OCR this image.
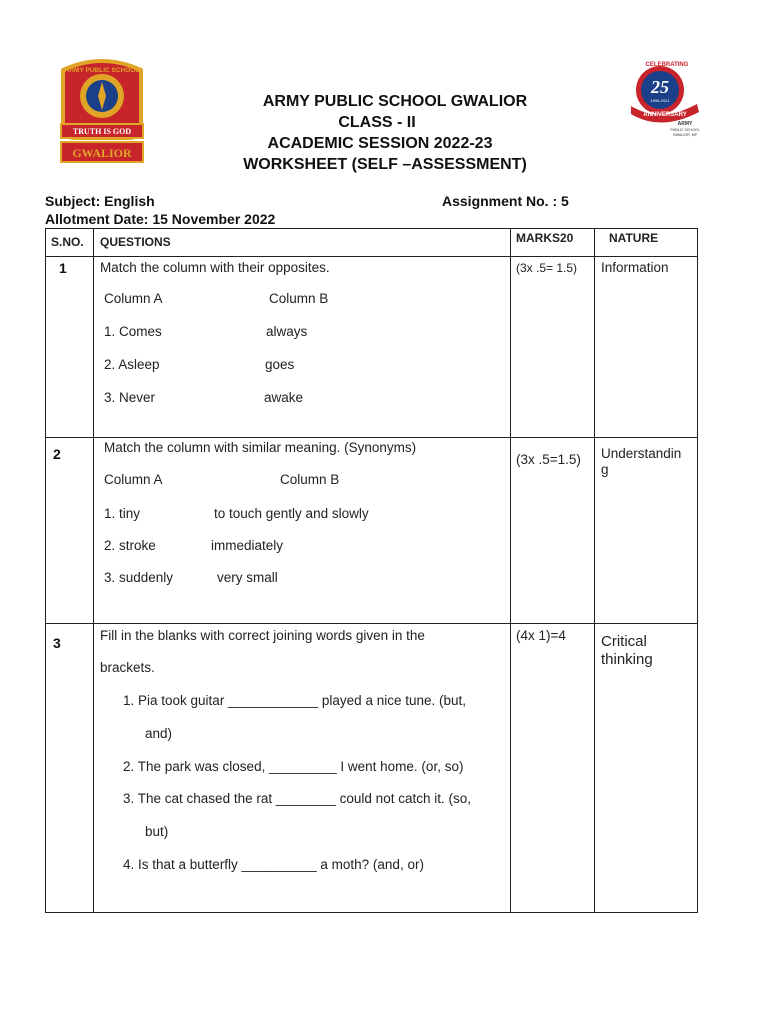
ARMY PUBLIC SCHOOL
TRUTH IS GOD
GWALIOR
CELEBRATING
25
1996-2021
ANNIVERSARY
ARMY
PUBLIC SCHOOL
GWALIOR, MP
ARMY PUBLIC SCHOOL GWALIOR
CLASS - II
ACADEMIC SESSION 2022-23
WORKSHEET (SELF –ASSESSMENT)
Subject: English	Assignment No. : 5
Allotment Date: 15 November 2022
S.NO. QUESTIONS	MARKS20	NATURE
1 Match the column with their opposites.
Column A	Column B
1. Comes	always
2. Asleep	goes
3. Never	awake
(3x .5= 1.5) Information
2	Match the column with similar meaning. (Synonyms)
Column A	Column B
1. tiny	to touch gently and slowly
2. stroke	immediately
3. suddenly	very small
(3x .5=1.5) Understandin
g
3	Fill in the blanks with correct joining words given in the
brackets.
1. Pia took guitar ____________ played a nice tune. (but,
and)
2. The park was closed, _________ I went home. (or, so)
3. The cat chased the rat ________ could not catch it. (so,
but)
4. Is that a butterfly __________ a moth? (and, or)
(4x 1)=4 Critical
thinking
